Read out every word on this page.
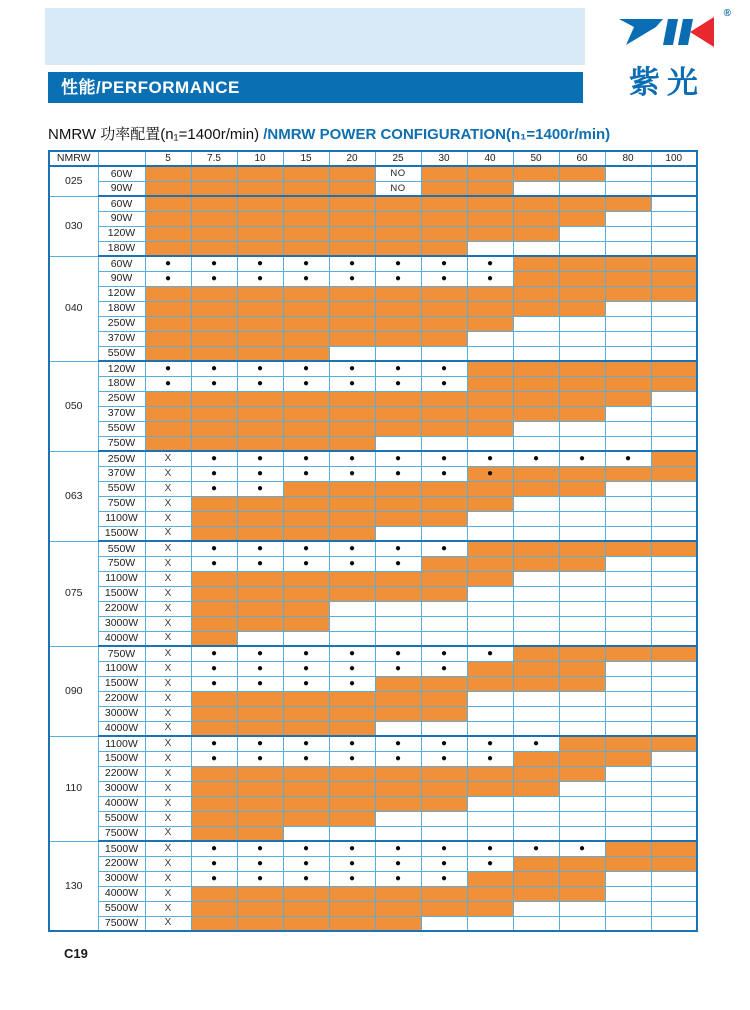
性能/PERFORMANCE
®
紫光
NMRW 功率配置(n₁=1400r/min) /NMRW POWER CONFIGURATION(n₁=1400r/min)
NMRW		5	7.5	10	15	20	25	30	40	50	60	80	100
025	60W						NO						
	90W						NO						
030	60W												
	90W												
	120W												
	180W												
040	60W	●	●	●	●	●	●	●	●				
	90W	●	●	●	●	●	●	●	●				
	120W												
	180W												
	250W												
	370W												
	550W												
050	120W	●	●	●	●	●	●	●					
	180W	●	●	●	●	●	●	●					
	250W												
	370W												
	550W												
	750W												
063	250W	X	●	●	●	●	●	●	●	●	●	●	
	370W	X	●	●	●	●	●	●	●				
	550W	X	●	●									
	750W	X											
	1100W	X											
	1500W	X											
075	550W	X	●	●	●	●	●	●					
	750W	X	●	●	●	●	●						
	1100W	X											
	1500W	X											
	2200W	X											
	3000W	X											
	4000W	X											
090	750W	X	●	●	●	●	●	●	●				
	1100W	X	●	●	●	●	●	●					
	1500W	X	●	●	●	●							
	2200W	X											
	3000W	X											
	4000W	X											
110	1100W	X	●	●	●	●	●	●	●	●			
	1500W	X	●	●	●	●	●	●	●				
	2200W	X											
	3000W	X											
	4000W	X											
	5500W	X											
	7500W	X											
130	1500W	X	●	●	●	●	●	●	●	●	●		
	2200W	X	●	●	●	●	●	●	●				
	3000W	X	●	●	●	●	●	●					
	4000W	X											
	5500W	X											
	7500W	X											
C19
